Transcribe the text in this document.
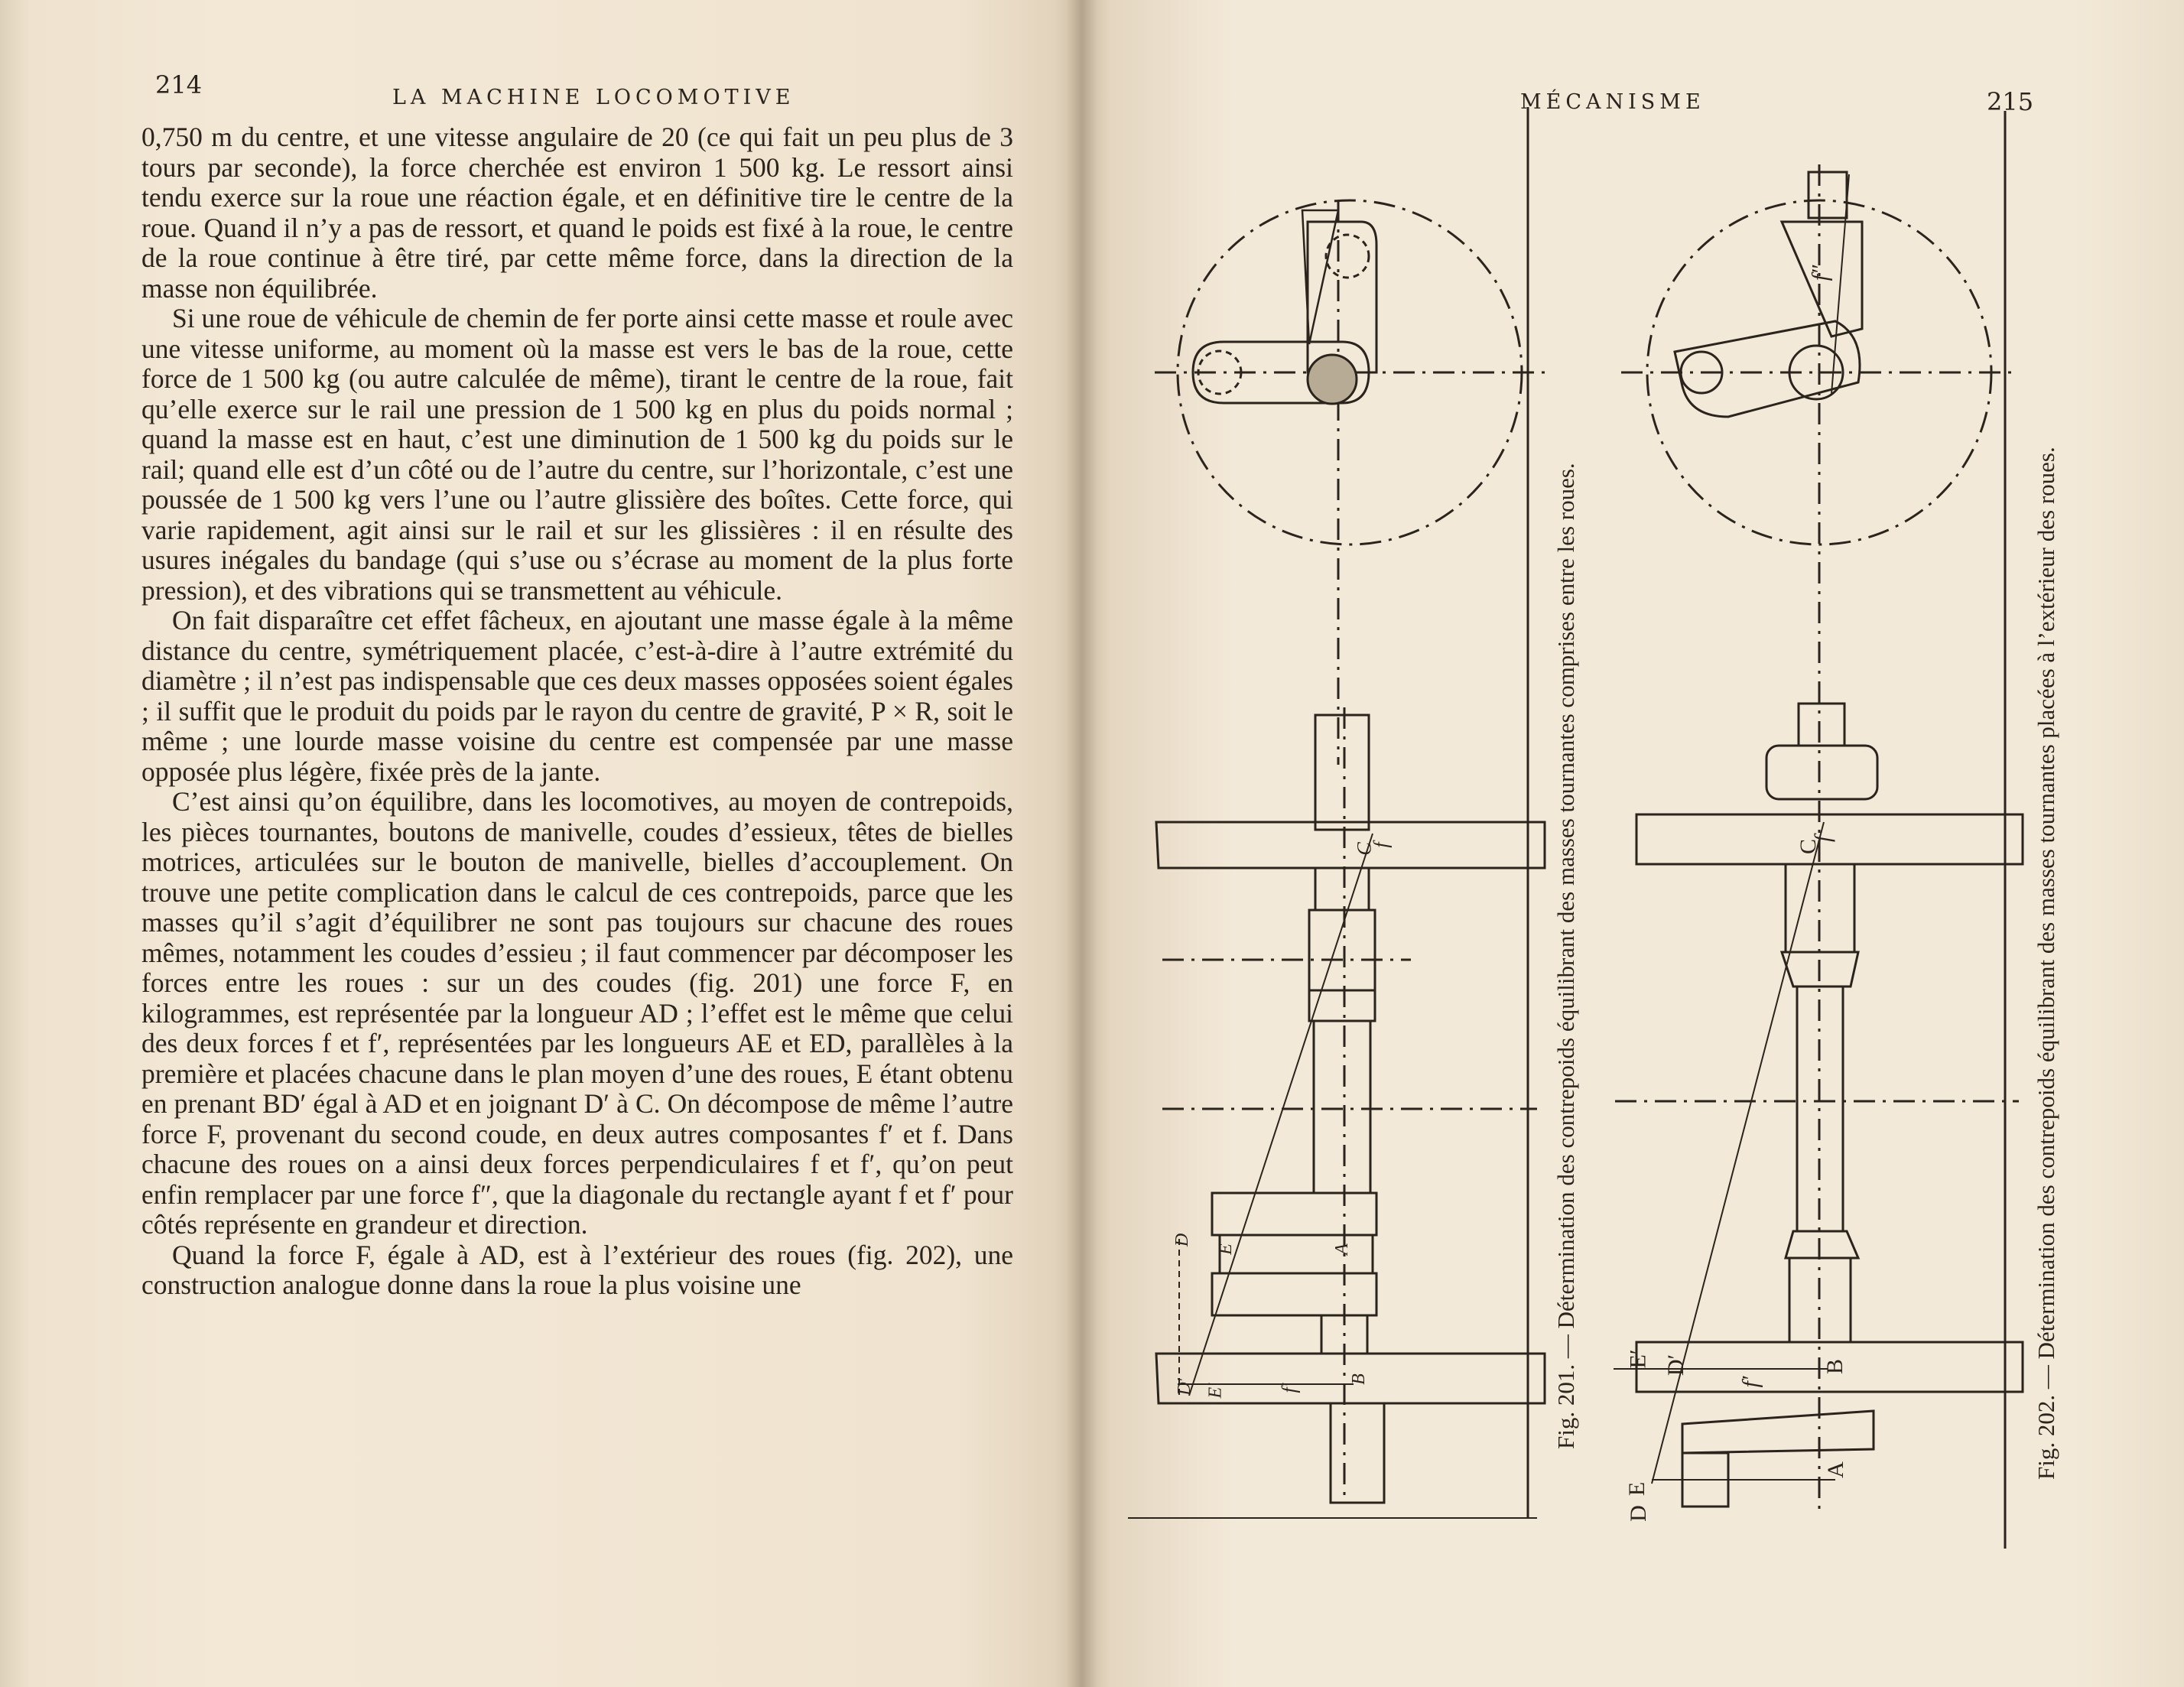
214	LA MACHINE LOCOMOTIVE

0,750 m du centre, et une vitesse angulaire de 20 (ce qui fait un peu plus de 3 tours par seconde), la force cherchée est environ 1 500 kg. Le ressort ainsi tendu exerce sur la roue une réaction égale, et en définitive tire le centre de la roue. Quand il n’y a pas de ressort, et quand le poids est fixé à la roue, le centre de la roue continue à être tiré, par cette même force, dans la direction de la masse non équilibrée.

Si une roue de véhicule de chemin de fer porte ainsi cette masse et roule avec une vitesse uniforme, au moment où la masse est vers le bas de la roue, cette force de 1 500 kg (ou autre calculée de même), tirant le centre de la roue, fait qu’elle exerce sur le rail une pression de 1 500 kg en plus du poids normal ; quand la masse est en haut, c’est une diminution de 1 500 kg du poids sur le rail; quand elle est d’un côté ou de l’autre du centre, sur l’horizontale, c’est une poussée de 1 500 kg vers l’une ou l’autre glissière des boîtes. Cette force, qui varie rapidement, agit ainsi sur le rail et sur les glissières : il en résulte des usures inégales du bandage (qui s’use ou s’écrase au moment de la plus forte pression), et des vibrations qui se transmettent au véhicule.

On fait disparaître cet effet fâcheux, en ajoutant une masse égale à la même distance du centre, symétriquement placée, c’est-à-dire à l’autre extrémité du diamètre ; il n’est pas indispensable que ces deux masses opposées soient égales ; il suffit que le produit du poids par le rayon du centre de gravité, P × R, soit le même ; une lourde masse voisine du centre est compensée par une masse opposée plus légère, fixée près de la jante.

C’est ainsi qu’on équilibre, dans les locomotives, au moyen de contrepoids, les pièces tournantes, boutons de manivelle, coudes d’essieux, têtes de bielles motrices, articulées sur le bouton de manivelle, bielles d’accouplement. On trouve une petite complication dans le calcul de ces contrepoids, parce que les masses qu’il s’agit d’équilibrer ne sont pas toujours sur chacune des roues mêmes, notamment les coudes d’essieu ; il faut commencer par décomposer les forces entre les roues : sur un des coudes (fig. 201) une force F, en kilogrammes, est représentée par la longueur AD ; l’effet est le même que celui des deux forces f et f′, représentées par les longueurs AE et ED, parallèles à la première et placées chacune dans le plan moyen d’une des roues, E étant obtenu en prenant BD′ égal à AD et en joignant D′ à C. On décompose de même l’autre force F, provenant du second coude, en deux autres composantes f′ et f. Dans chacune des roues on a ainsi deux forces perpendiculaires f et f′, qu’on peut enfin remplacer par une force f″, que la diagonale du rectangle ayant f et f′ pour côtés représente en grandeur et direction.

Quand la force F, égale à AD, est à l’extérieur des roues (fig. 202), une construction analogue donne dans la roue la plus voisine une

MÉCANISME	215
f
C
D
E	A
B
D′ E′	f′
C
f
f″
B
A
f′
E′ D′
E
D
Fig. 201. — Détermination des contrepoids équilibrant des masses tournantes comprises entre les roues.	Fig. 202. — Détermination des contrepoids équilibrant des masses tournantes placées à l’extérieur des roues.
